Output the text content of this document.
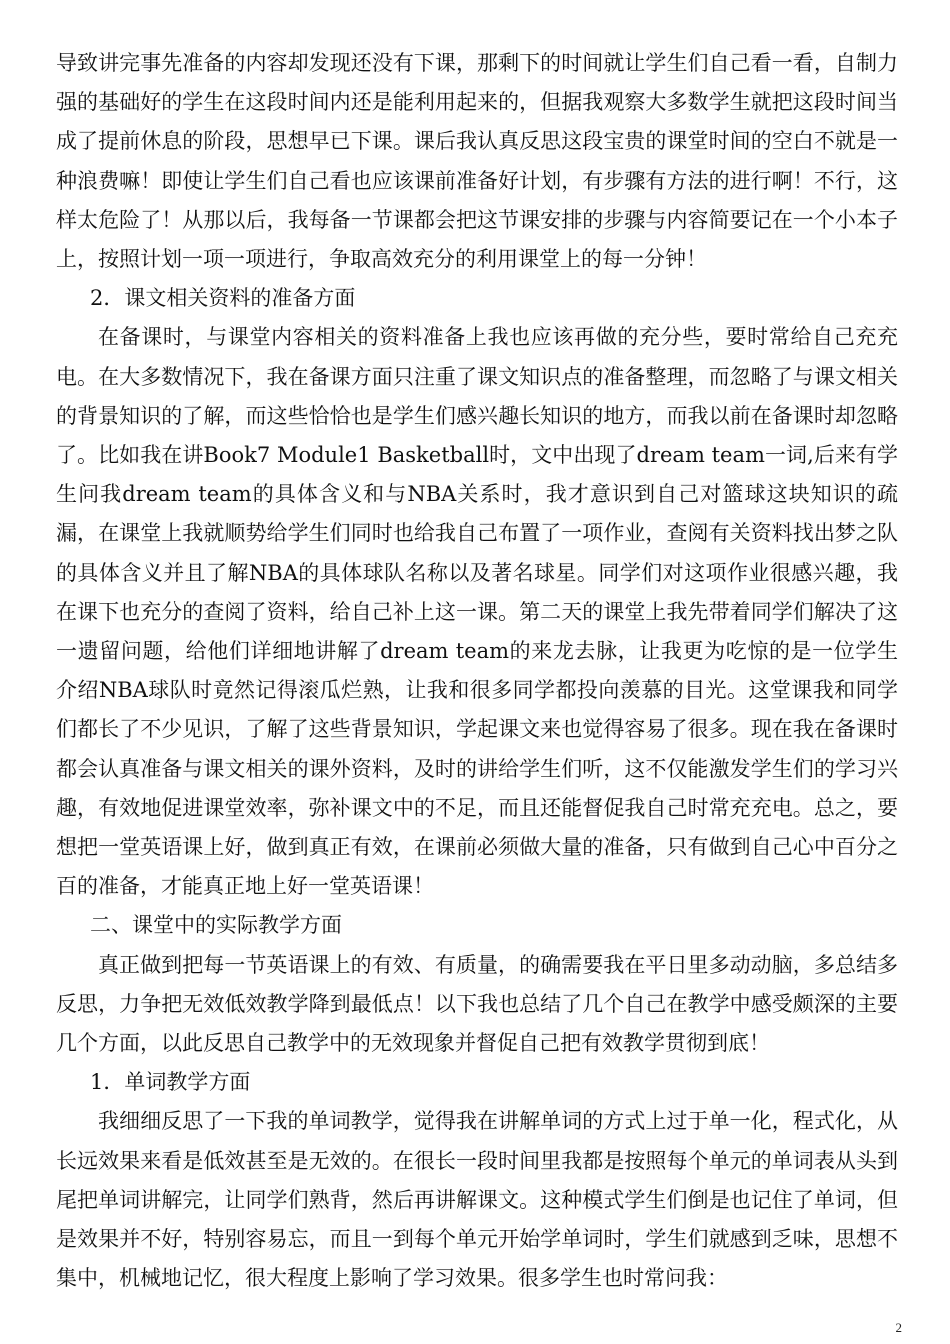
导致讲完事先准备的内容却发现还没有下课，那剩下的时间就让学生们自己看一看，自制力强的基础好的学生在这段时间内还是能利用起来的，但据我观察大多数学生就把这段时间当成了提前休息的阶段，思想早已下课。课后我认真反思这段宝贵的课堂时间的空白不就是一种浪费嘛！即使让学生们自己看也应该课前准备好计划，有步骤有方法的进行啊！不行，这样太危险了！从那以后，我每备一节课都会把这节课安排的步骤与内容简要记在一个小本子上，按照计划一项一项进行，争取高效充分的利用课堂上的每一分钟！

2．课文相关资料的准备方面

在备课时，与课堂内容相关的资料准备上我也应该再做的充分些，要时常给自己充充电。在大多数情况下，我在备课方面只注重了课文知识点的准备整理，而忽略了与课文相关的背景知识的了解，而这些恰恰也是学生们感兴趣长知识的地方，而我以前在备课时却忽略了。比如我在讲Book7 Module1 Basketball时，文中出现了dream team一词,后来有学生问我dream team的具体含义和与NBA关系时，我才意识到自己对篮球这块知识的疏漏，在课堂上我就顺势给学生们同时也给我自己布置了一项作业，查阅有关资料找出梦之队的具体含义并且了解NBA的具体球队名称以及著名球星。同学们对这项作业很感兴趣，我在课下也充分的查阅了资料，给自己补上这一课。第二天的课堂上我先带着同学们解决了这一遗留问题，给他们详细地讲解了dream team的来龙去脉，让我更为吃惊的是一位学生介绍NBA球队时竟然记得滚瓜烂熟，让我和很多同学都投向羡慕的目光。这堂课我和同学们都长了不少见识，了解了这些背景知识，学起课文来也觉得容易了很多。现在我在备课时都会认真准备与课文相关的课外资料，及时的讲给学生们听，这不仅能激发学生们的学习兴趣，有效地促进课堂效率，弥补课文中的不足，而且还能督促我自己时常充充电。总之，要想把一堂英语课上好，做到真正有效，在课前必须做大量的准备，只有做到自己心中百分之百的准备，才能真正地上好一堂英语课！

二、课堂中的实际教学方面

真正做到把每一节英语课上的有效、有质量，的确需要我在平日里多动动脑，多总结多反思，力争把无效低效教学降到最低点！以下我也总结了几个自己在教学中感受颇深的主要几个方面，以此反思自己教学中的无效现象并督促自己把有效教学贯彻到底！

1．单词教学方面

我细细反思了一下我的单词教学，觉得我在讲解单词的方式上过于单一化，程式化，从长远效果来看是低效甚至是无效的。在很长一段时间里我都是按照每个单元的单词表从头到尾把单词讲解完，让同学们熟背，然后再讲解课文。这种模式学生们倒是也记住了单词，但是效果并不好，特别容易忘，而且一到每个单元开始学单词时，学生们就感到乏味，思想不集中，机械地记忆，很大程度上影响了学习效果。很多学生也时常问我：

2
